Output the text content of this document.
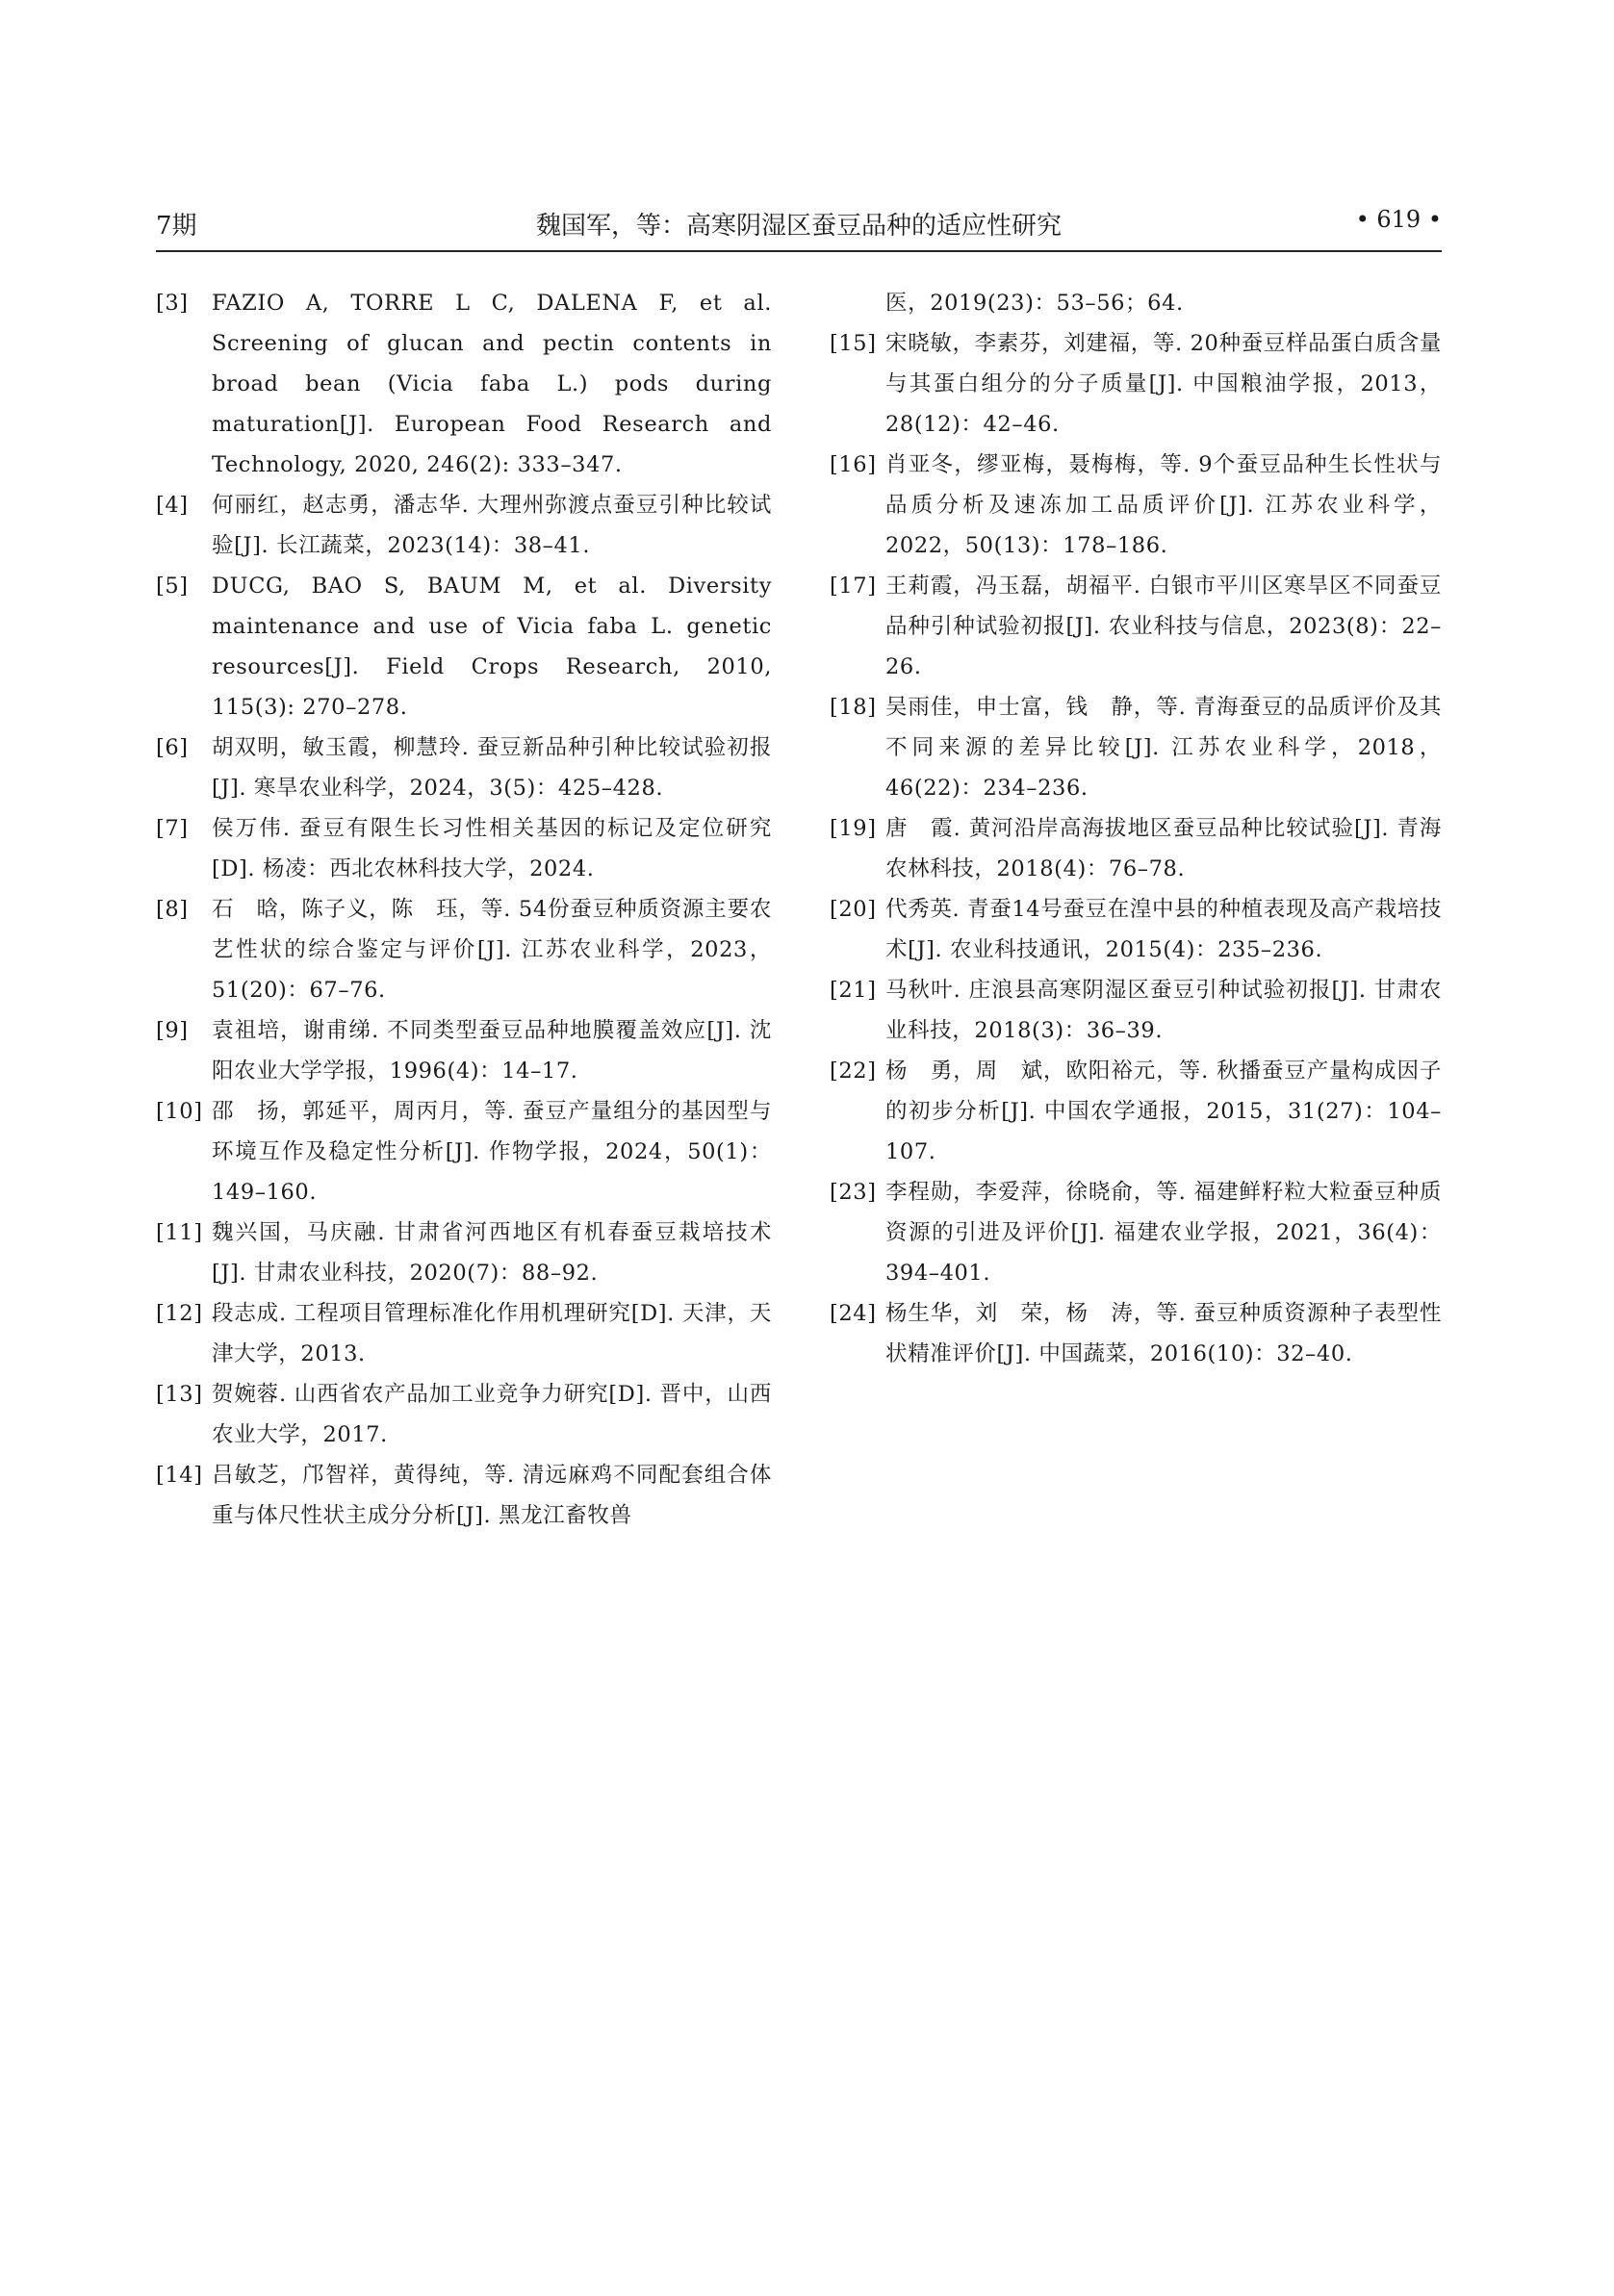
7期	魏国军，等：高寒阴湿区蚕豆品种的适应性研究	• 619 •
[3] FAZIO A, TORRE L C, DALENA F, et al. Screening of glucan and pectin contents in broad bean (Vicia faba L.) pods during maturation[J]. European Food Research and Technology, 2020, 246(2): 333–347.
[4] 何丽红，赵志勇，潘志华. 大理州弥渡点蚕豆引种比较试验[J]. 长江蔬菜，2023(14)：38–41.
[5] DUCG, BAO S, BAUM M, et al. Diversity maintenance and use of Vicia faba L. genetic resources[J]. Field Crops Research, 2010, 115(3): 270–278.
[6] 胡双明，敏玉霞，柳慧玲. 蚕豆新品种引种比较试验初报[J]. 寒旱农业科学，2024，3(5)：425–428.
[7] 侯万伟. 蚕豆有限生长习性相关基因的标记及定位研究[D]. 杨凌：西北农林科技大学，2024.
[8] 石　晗，陈子义，陈　珏，等. 54份蚕豆种质资源主要农艺性状的综合鉴定与评价[J]. 江苏农业科学，2023，51(20)：67–76.
[9] 袁祖培，谢甫绨. 不同类型蚕豆品种地膜覆盖效应[J]. 沈阳农业大学学报，1996(4)：14–17.
[10] 邵　扬，郭延平，周丙月，等. 蚕豆产量组分的基因型与环境互作及稳定性分析[J]. 作物学报，2024，50(1)：149–160.
[11] 魏兴国，马庆融. 甘肃省河西地区有机春蚕豆栽培技术[J]. 甘肃农业科技，2020(7)：88–92.
[12] 段志成. 工程项目管理标准化作用机理研究[D]. 天津，天津大学，2013.
[13] 贺婉蓉. 山西省农产品加工业竞争力研究[D]. 晋中，山西农业大学，2017.
[14] 吕敏芝，邝智祥，黄得纯，等. 清远麻鸡不同配套组合体重与体尺性状主成分分析[J]. 黑龙江畜牧兽
医，2019(23)：53–56；64.
[15] 宋晓敏，李素芬，刘建福，等. 20种蚕豆样品蛋白质含量与其蛋白组分的分子质量[J]. 中国粮油学报，2013，28(12)：42–46.
[16] 肖亚冬，缪亚梅，聂梅梅，等. 9个蚕豆品种生长性状与品质分析及速冻加工品质评价[J]. 江苏农业科学，2022，50(13)：178–186.
[17] 王莉霞，冯玉磊，胡福平. 白银市平川区寒旱区不同蚕豆品种引种试验初报[J]. 农业科技与信息，2023(8)：22–26.
[18] 吴雨佳，申士富，钱　静，等. 青海蚕豆的品质评价及其不同来源的差异比较[J]. 江苏农业科学，2018，46(22)：234–236.
[19] 唐　霞. 黄河沿岸高海拔地区蚕豆品种比较试验[J]. 青海农林科技，2018(4)：76–78.
[20] 代秀英. 青蚕14号蚕豆在湟中县的种植表现及高产栽培技术[J]. 农业科技通讯，2015(4)：235–236.
[21] 马秋叶. 庄浪县高寒阴湿区蚕豆引种试验初报[J]. 甘肃农业科技，2018(3)：36–39.
[22] 杨　勇，周　斌，欧阳裕元，等. 秋播蚕豆产量构成因子的初步分析[J]. 中国农学通报，2015，31(27)：104–107.
[23] 李程勋，李爱萍，徐晓俞，等. 福建鲜籽粒大粒蚕豆种质资源的引进及评价[J]. 福建农业学报，2021，36(4)：394–401.
[24] 杨生华，刘　荣，杨　涛，等. 蚕豆种质资源种子表型性状精准评价[J]. 中国蔬菜，2016(10)：32–40.
